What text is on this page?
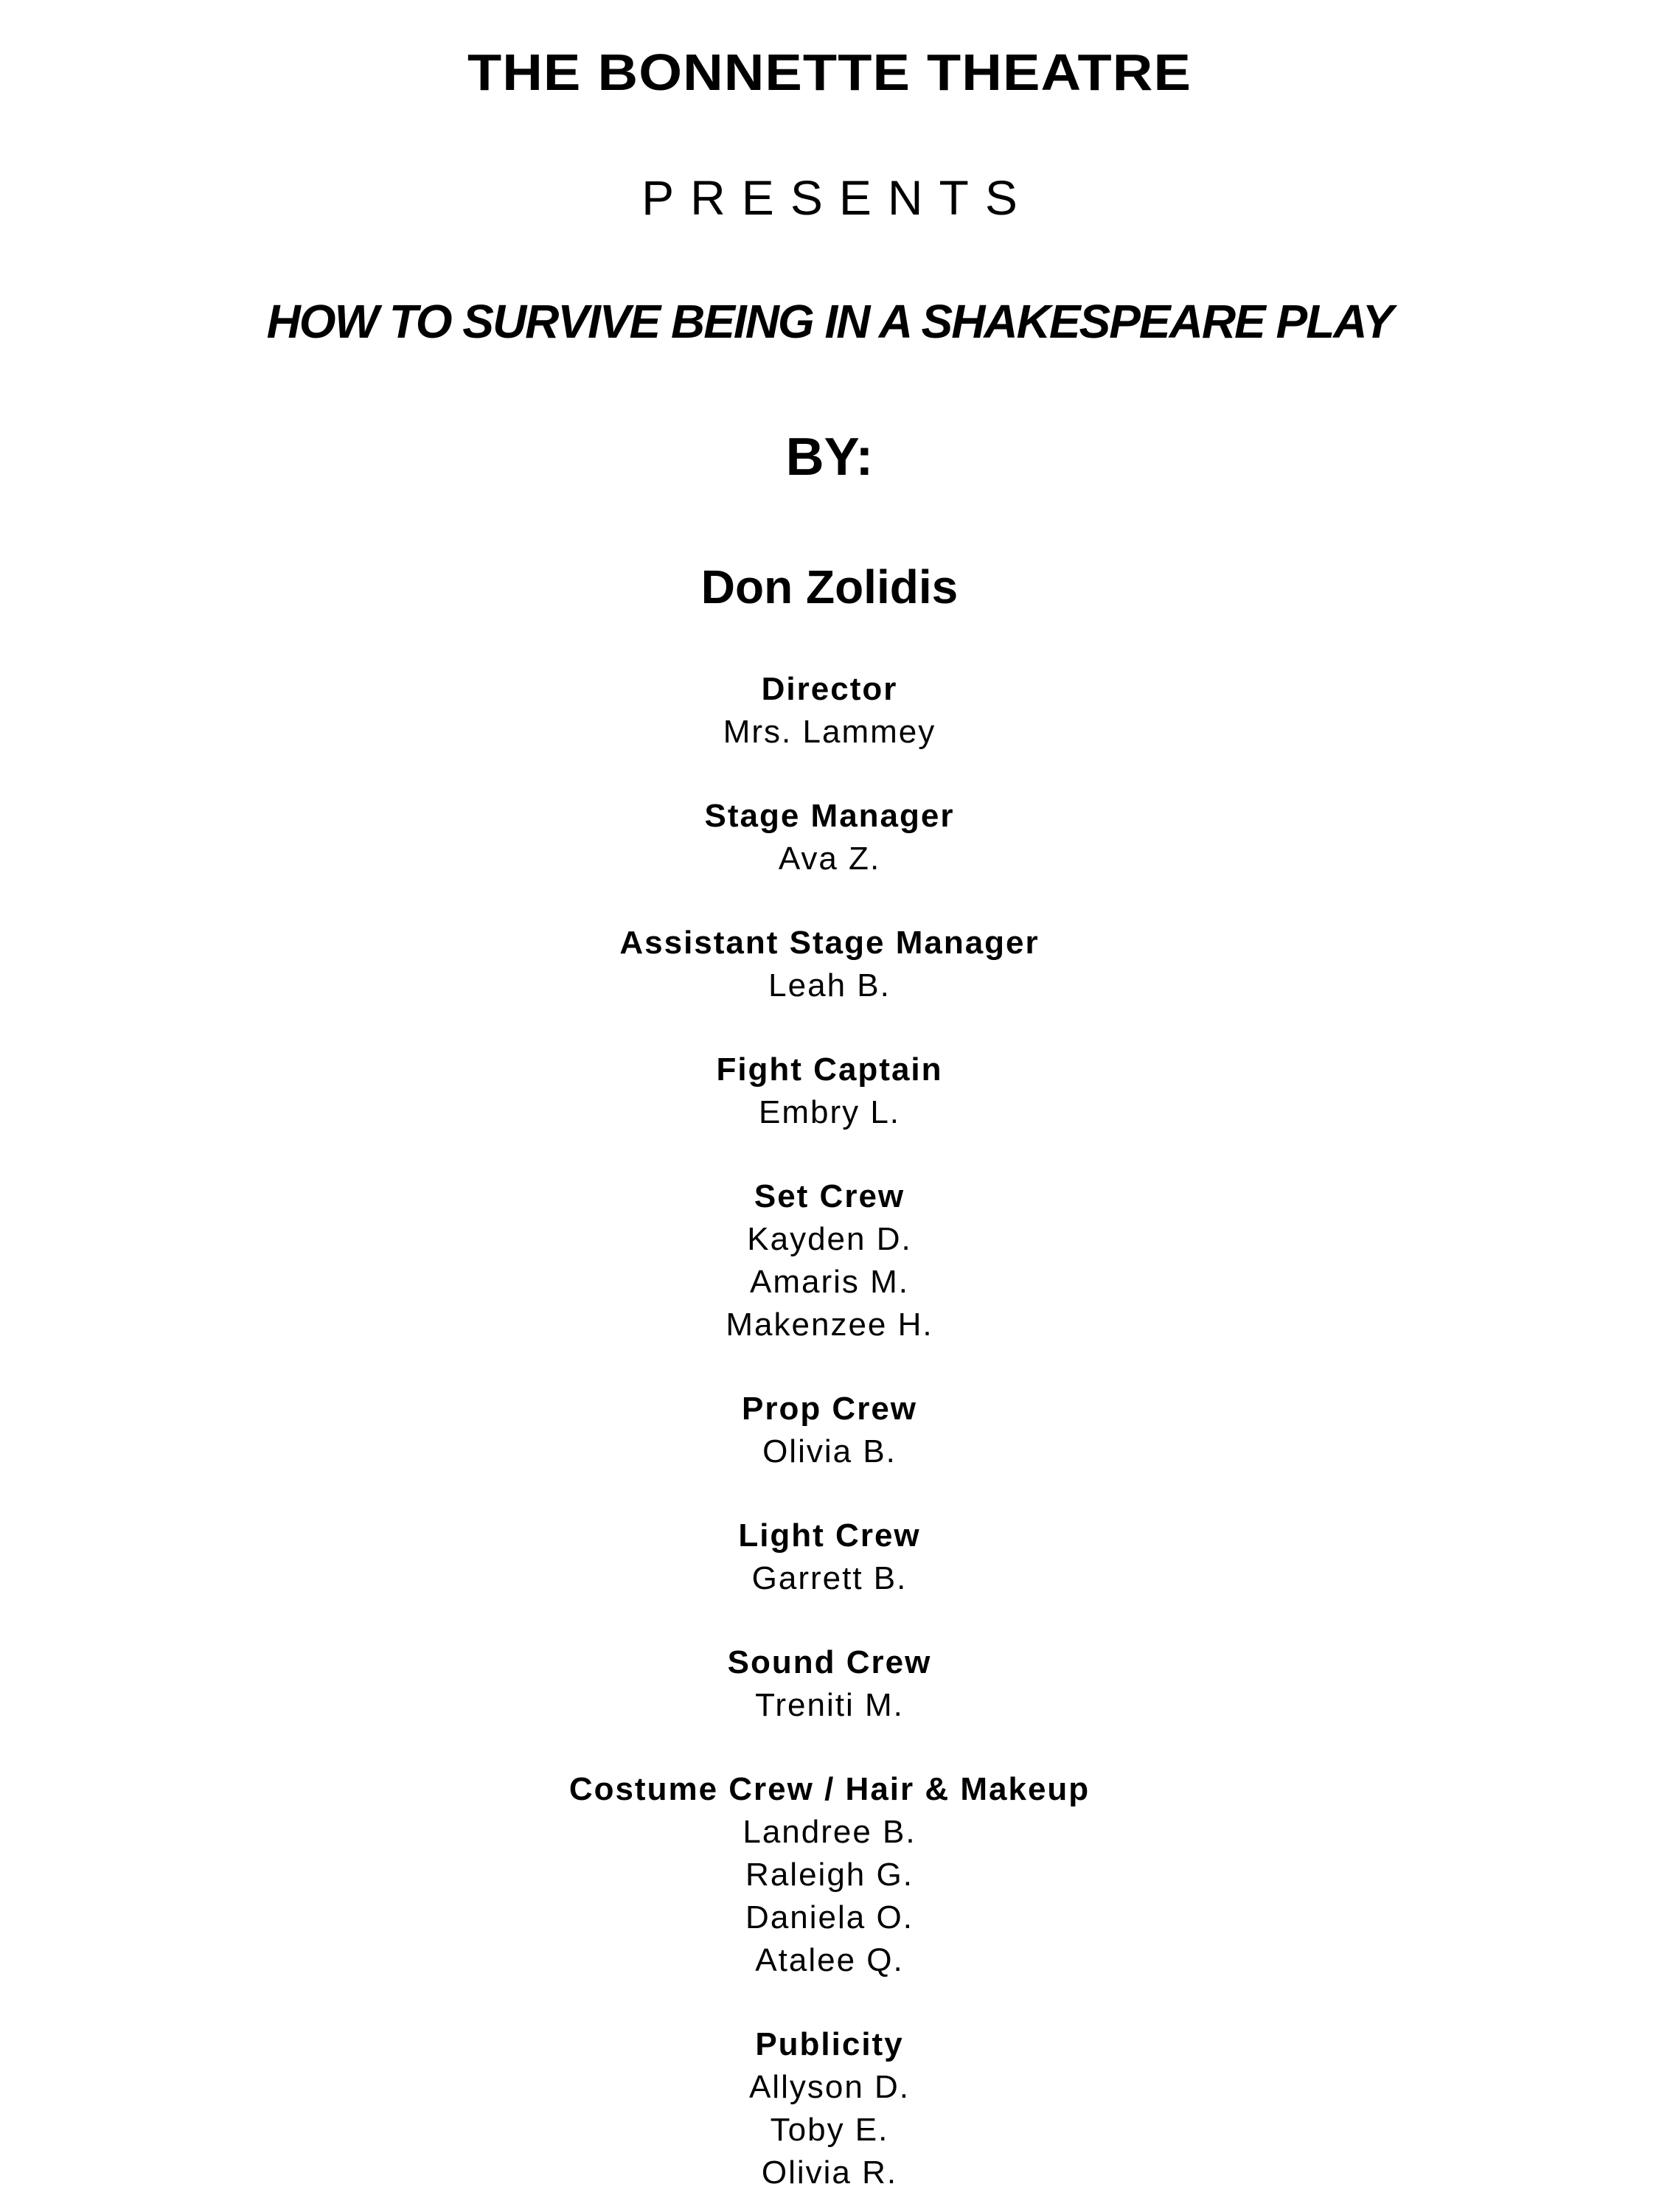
THE BONNETTE THEATRE
PRESENTS
HOW TO SURVIVE BEING IN A SHAKESPEARE PLAY
BY:
Don Zolidis
Director
Mrs. Lammey
Stage Manager
Ava Z.
Assistant Stage Manager
Leah B.
Fight Captain
Embry L.
Set Crew
Kayden D.
Amaris M.
Makenzee H.
Prop Crew
Olivia B.
Light Crew
Garrett B.
Sound Crew
Treniti M.
Costume Crew / Hair & Makeup
Landree B.
Raleigh G.
Daniela O.
Atalee Q.
Publicity
Allyson D.
Toby E.
Olivia R.
